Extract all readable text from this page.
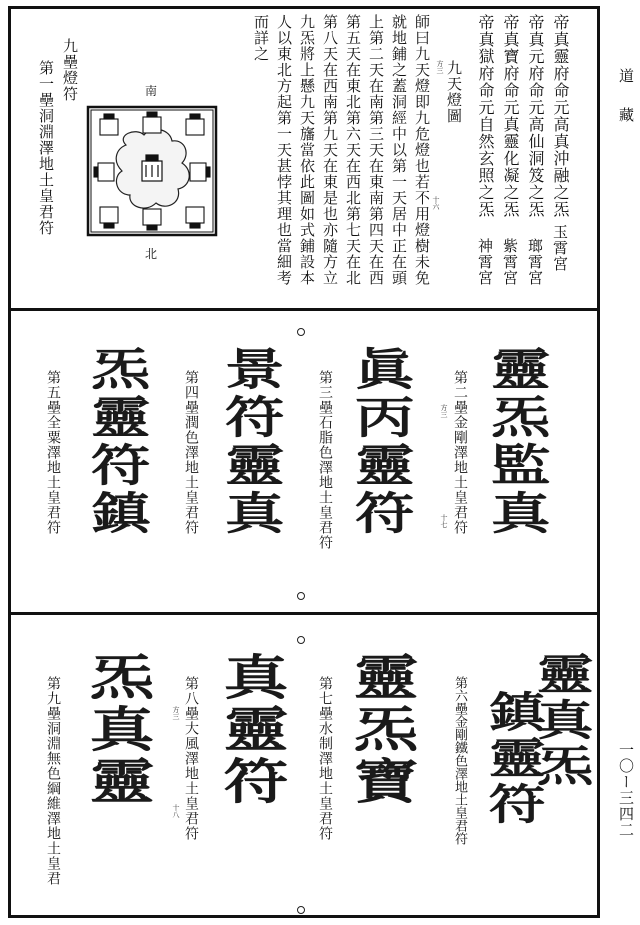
道藏
一〇ー三四二
帝真靈府命元高真沖融之炁
玉霄宮
帝真元府命元高仙洞笈之炁
瑯霄宮
帝真寶府命元真靈化凝之炁
紫霄宮
帝真獄府命元自然玄照之炁
神霄宮
九天燈圖
方三
師曰九天燈即九危燈也若不用燈樹未免 十六
就地鋪之蓋洞經中以第一天居中正在頭
上第二天在南第三天在東南第四天在西
第五天在東北第六天在西北第七天在北
第八天在西南第九天在東是也亦隨方立
九炁將上懸九天旛當依此圖如式鋪設本
人以東北方起第一天甚悖其理也當細考
而詳之
南
北
九壘燈符
第一壘洞淵澤地土皇君符
靈炁監真
第二壘金剛澤地土皇君符
方三
十七
眞丙靈符
第三壘石脂色澤地土皇君符
景符靈真
第四壘潤色澤地土皇君符
炁靈符鎮
第五壘全粟澤地土皇君符
靈真炁
鎮靈符
第六壘金剛鐵色澤地土皇君符
靈炁寶
第七壘水制澤地土皇君符
真靈符
第八壘大風澤地土皇君符
方三
十八
炁真靈
第九壘洞淵無色綱維澤地土皇君
